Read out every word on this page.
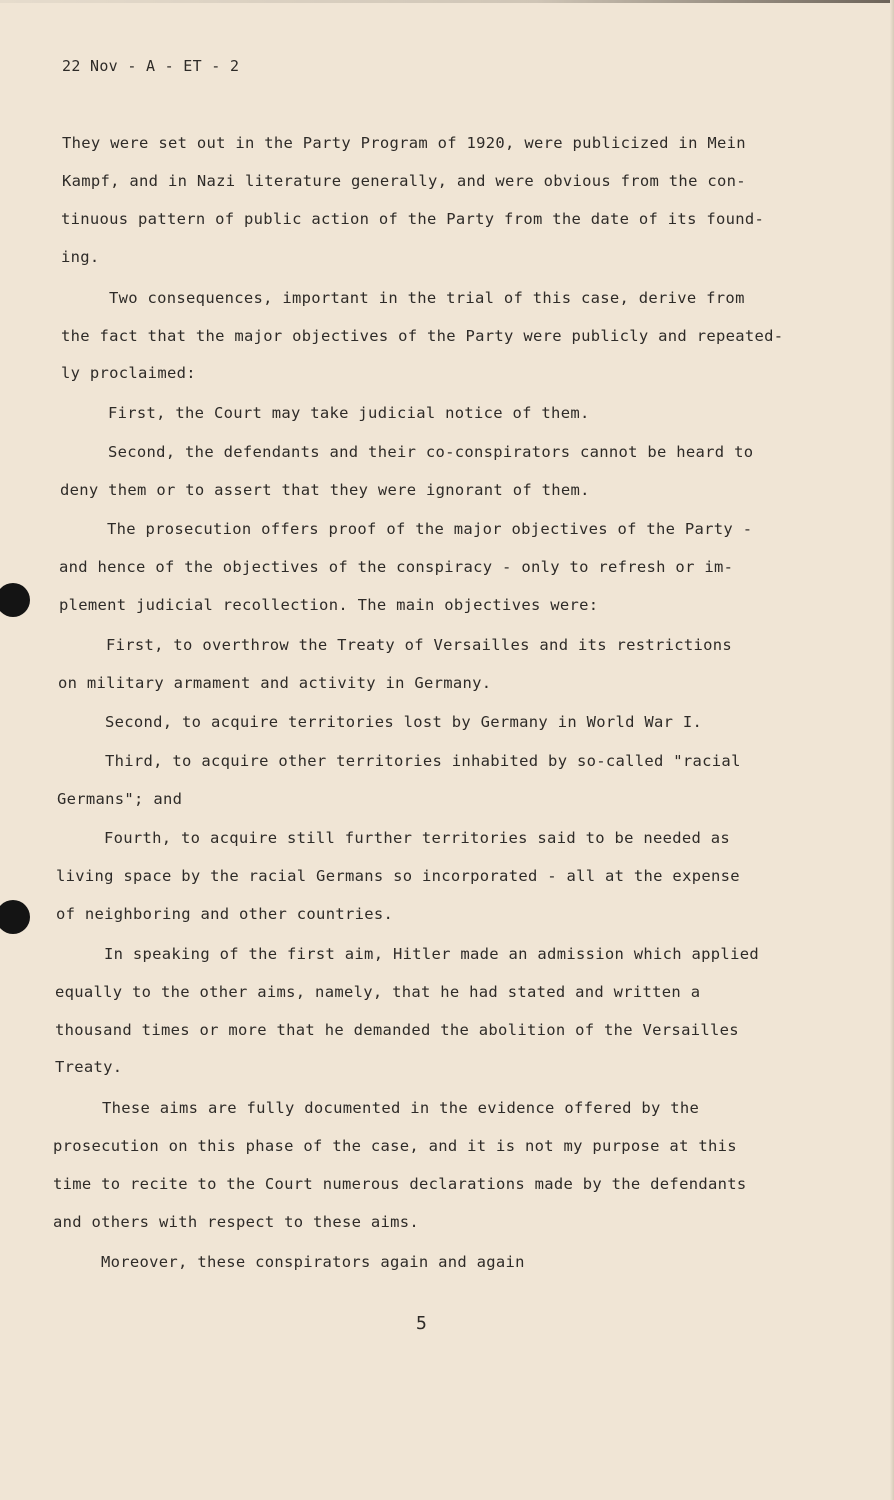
22 Nov - A - ET - 2
They were set out in the Party Program of 1920, were publicized in Mein
Kampf, and in Nazi literature generally, and were obvious from the con-
tinuous pattern of public action of the Party from the date of its found-
ing.
Two consequences, important in the trial of this case, derive from
the fact that the major objectives of the Party were publicly and repeated-
ly proclaimed:
First, the Court may take judicial notice of them.
Second, the defendants and their co-conspirators cannot be heard to
deny them or to assert that they were ignorant of them.
The prosecution offers proof of the major objectives of the Party -
and hence of the objectives of the conspiracy - only to refresh or im-
plement judicial recollection. The main objectives were:
First, to overthrow the Treaty of Versailles and its restrictions
on military armament and activity in Germany.
Second, to acquire territories lost by Germany in World War I.
Third, to acquire other territories inhabited by so-called "racial
Germans"; and
Fourth, to acquire still further territories said to be needed as
living space by the racial Germans so incorporated - all at the expense
of neighboring and other countries.
In speaking of the first aim, Hitler made an admission which applied
equally to the other aims, namely, that he had stated and written a
thousand times or more that he demanded the abolition of the Versailles
Treaty.
These aims are fully documented in the evidence offered by the
prosecution on this phase of the case, and it is not my purpose at this
time to recite to the Court numerous declarations made by the defendants
and others with respect to these aims.
Moreover, these conspirators again and again
5
